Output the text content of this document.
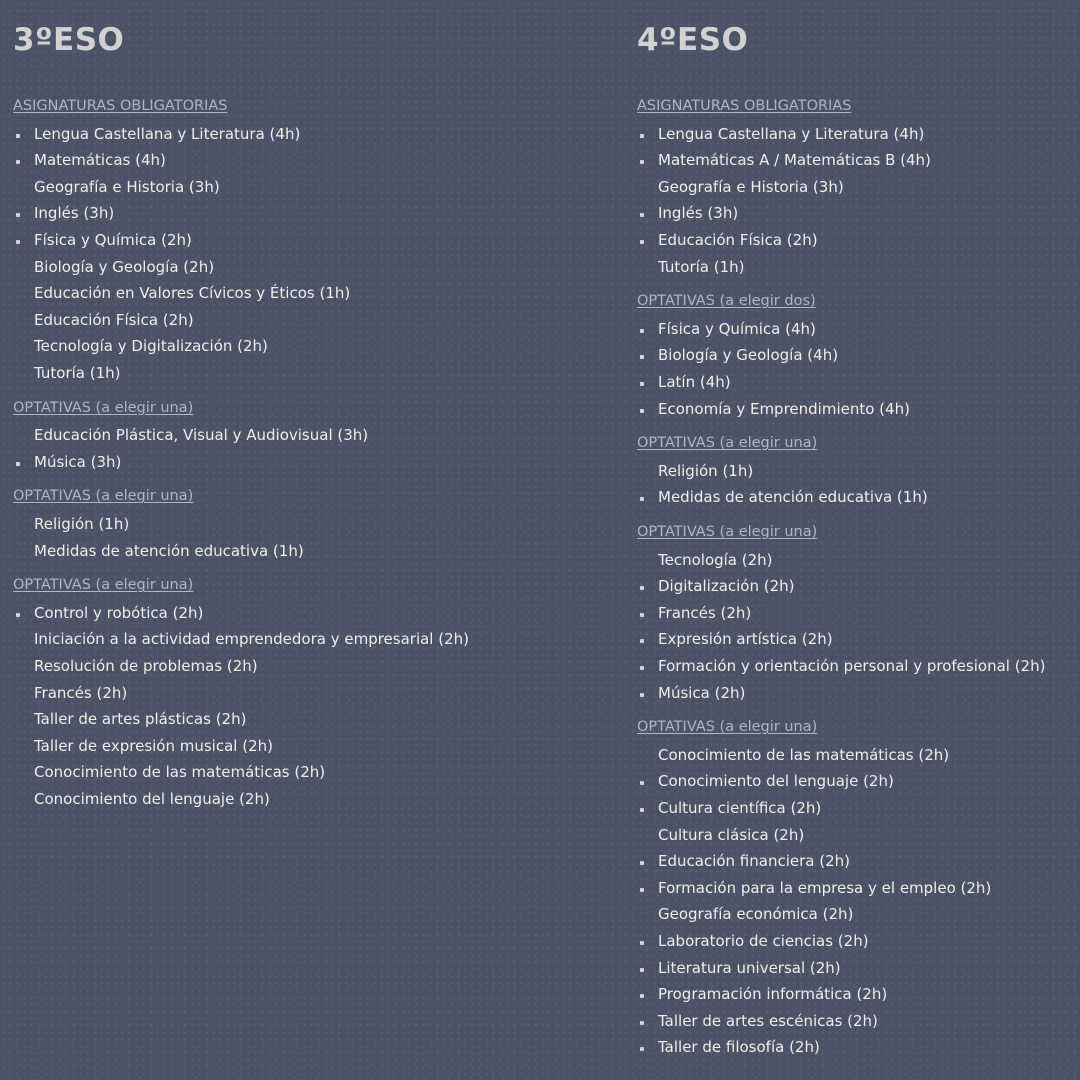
3ºESO

ASIGNATURAS OBLIGATORIAS

Lengua Castellana y Literatura (4h)

Matemáticas (4h)

Geografía e Historia (3h)

Inglés (3h)

Física y Química (2h)

Biología y Geología (2h)

Educación en Valores Cívicos y Éticos (1h)

Educación Física (2h)

Tecnología y Digitalización (2h)

Tutoría (1h)

OPTATIVAS (a elegir una)

Educación Plástica, Visual y Audiovisual (3h)

Música (3h)

OPTATIVAS (a elegir una)

Religión (1h)

Medidas de atención educativa (1h)

OPTATIVAS (a elegir una)

Control y robótica (2h)

Iniciación a la actividad emprendedora y empresarial (2h)

Resolución de problemas (2h)

Francés (2h)

Taller de artes plásticas (2h)

Taller de expresión musical (2h)

Conocimiento de las matemáticas (2h)

Conocimiento del lenguaje (2h)

4ºESO

ASIGNATURAS OBLIGATORIAS

Lengua Castellana y Literatura (4h)

Matemáticas A / Matemáticas B (4h)

Geografía e Historia (3h)

Inglés (3h)

Educación Física (2h)

Tutoría (1h)

OPTATIVAS (a elegir dos)

Física y Química (4h)

Biología y Geología (4h)

Latín (4h)

Economía y Emprendimiento (4h)

OPTATIVAS (a elegir una)

Religión (1h)

Medidas de atención educativa (1h)

OPTATIVAS (a elegir una)

Tecnología (2h)

Digitalización (2h)

Francés (2h)

Expresión artística (2h)

Formación y orientación personal y profesional (2h)

Música (2h)

OPTATIVAS (a elegir una)

Conocimiento de las matemáticas (2h)

Conocimiento del lenguaje (2h)

Cultura científica (2h)

Cultura clásica (2h)

Educación financiera (2h)

Formación para la empresa y el empleo (2h)

Geografía económica (2h)

Laboratorio de ciencias (2h)

Literatura universal (2h)

Programación informática (2h)

Taller de artes escénicas (2h)

Taller de filosofía (2h)
